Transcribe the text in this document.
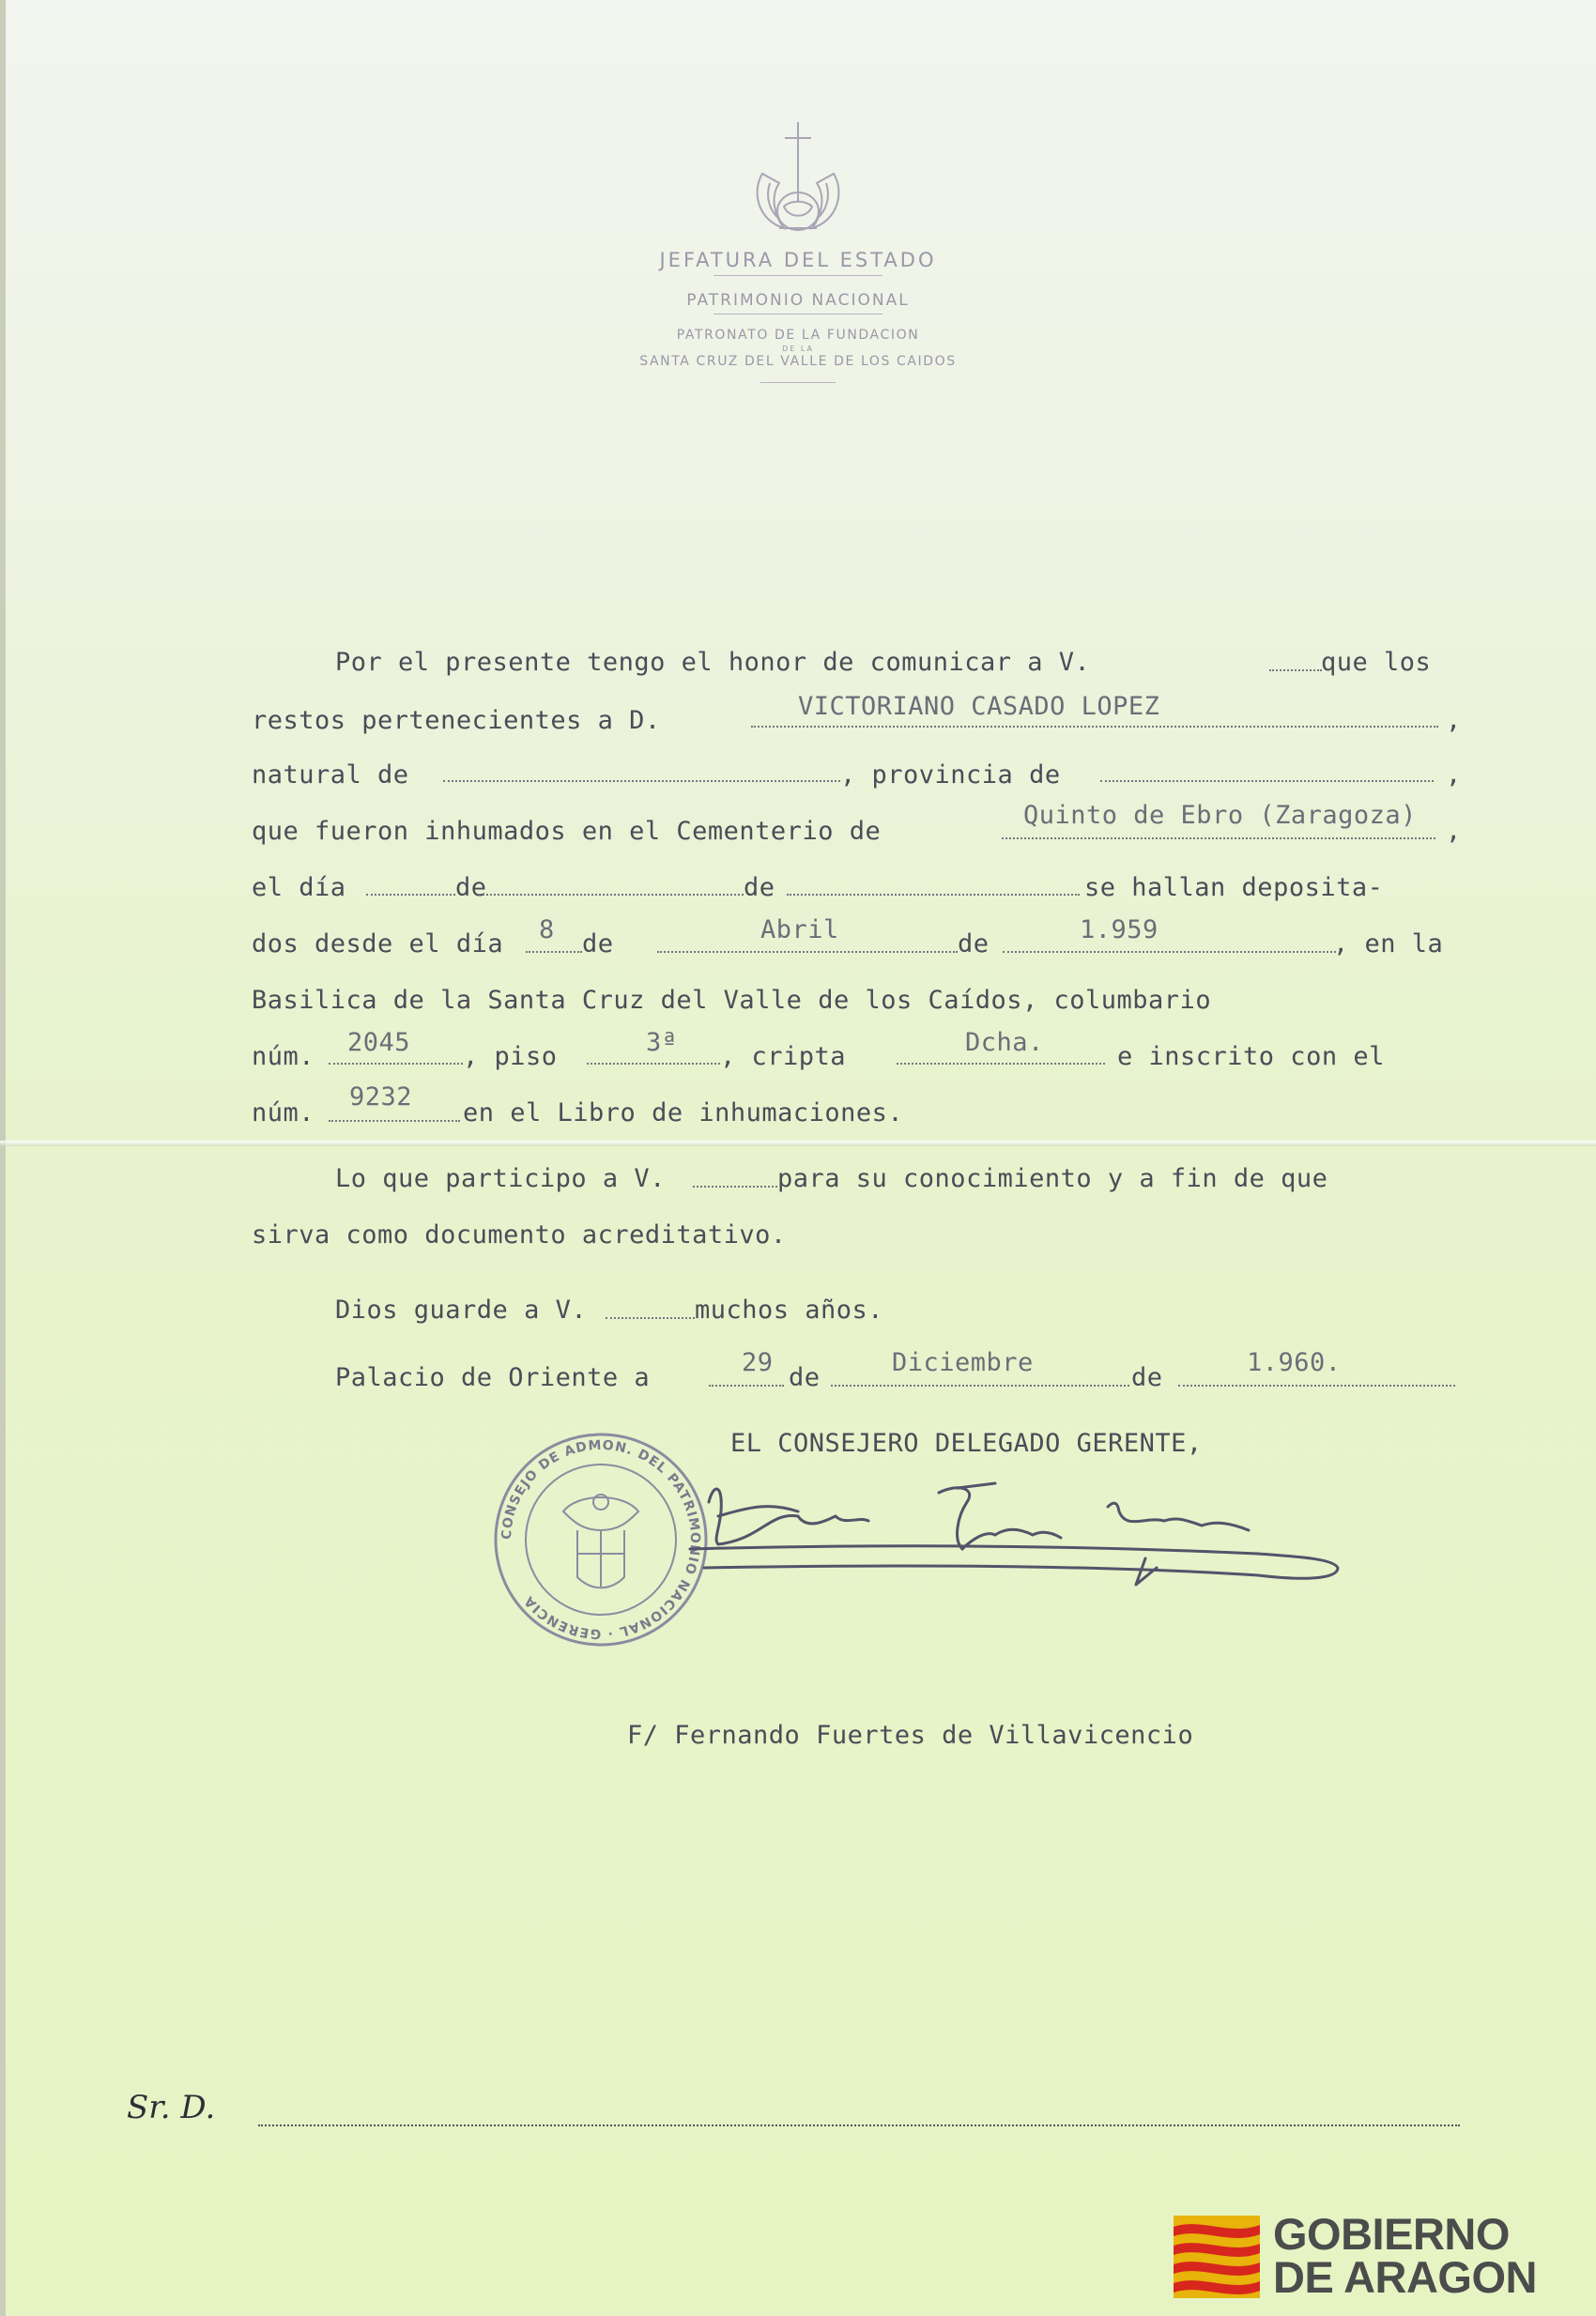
JEFATURA DEL ESTADO
PATRIMONIO NACIONAL
PATRONATO DE LA FUNDACION
DE LA
SANTA CRUZ DEL VALLE DE LOS CAIDOS
Por el presente tengo el honor de comunicar a V.	que los
restos pertenecientes a D.	VICTORIANO CASADO LOPEZ	,
natural de	, provincia de	,
que fueron inhumados en el Cementerio de
Quinto de Ebro (Zaragoza)
,
el día	de	de	se hallan deposita-
dos desde el día 8 de	Abril	de	1.959	, en la
Basilica de la Santa Cruz del Valle de los Caídos, columbario
núm. 2045 , piso	3ª , cripta	Dcha.	e inscrito con el
núm.
9232
en el Libro de inhumaciones.
Lo que participo a V.	para su conocimiento y a fin de que
sirva como documento acreditativo.
Dios guarde a V.	muchos años.
Palacio de Oriente a
29
de
Diciembre
de
1.960.
EL CONSEJERO DELEGADO GERENTE,
CONSEJO DE ADMON. DEL PATRIMONIO NACIONAL · GERENCIA
F/ Fernando Fuertes de Villavicencio
Sr. D.
GOBIERNO
DE ARAGON
